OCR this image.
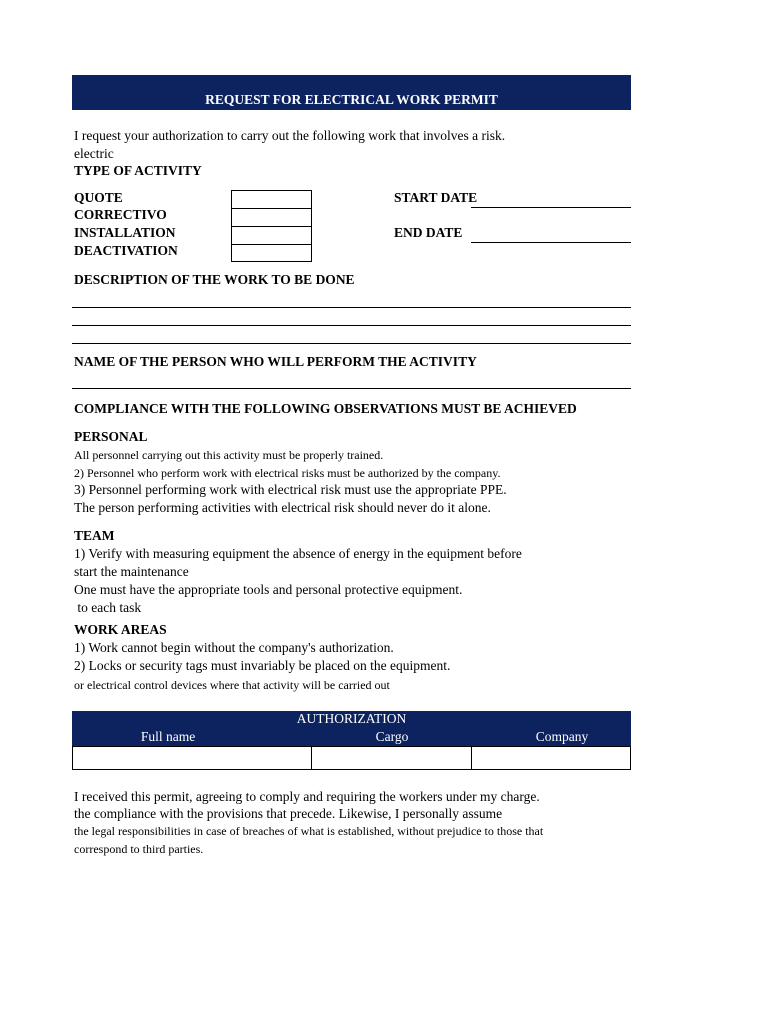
REQUEST FOR ELECTRICAL WORK PERMIT
I request your authorization to carry out the following work that involves a risk.
electric
TYPE OF ACTIVITY
QUOTE
CORRECTIVO
INSTALLATION
DEACTIVATION
START DATE
END DATE
DESCRIPTION OF THE WORK TO BE DONE
NAME OF THE PERSON WHO WILL PERFORM THE ACTIVITY
COMPLIANCE WITH THE FOLLOWING OBSERVATIONS MUST BE ACHIEVED
PERSONAL
All personnel carrying out this activity must be properly trained.
2) Personnel who perform work with electrical risks must be authorized by the company.
3) Personnel performing work with electrical risk must use the appropriate PPE.
The person performing activities with electrical risk should never do it alone.
TEAM
1) Verify with measuring equipment the absence of energy in the equipment before
start the maintenance
One must have the appropriate tools and personal protective equipment.
to each task
WORK AREAS
1) Work cannot begin without the company's authorization.
2) Locks or security tags must invariably be placed on the equipment.
or electrical control devices where that activity will be carried out
AUTHORIZATION
Full name	Cargo	Company
I received this permit, agreeing to comply and requiring the workers under my charge.
the compliance with the provisions that precede. Likewise, I personally assume
the legal responsibilities in case of breaches of what is established, without prejudice to those that
correspond to third parties.
